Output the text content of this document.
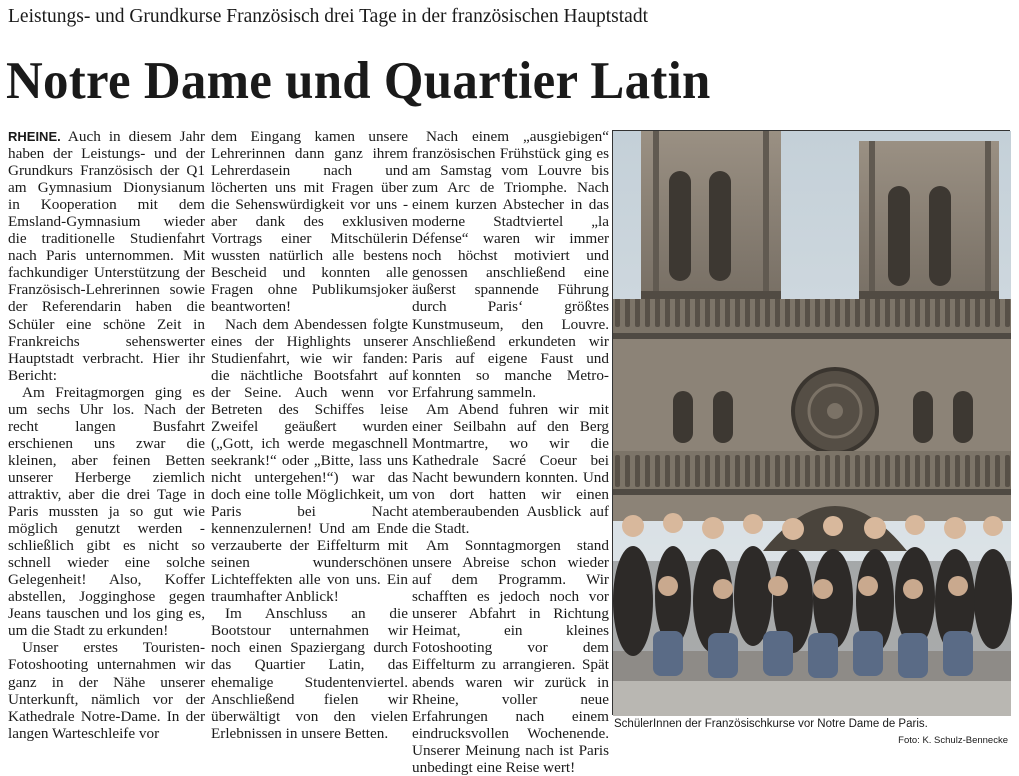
Leistungs- und Grundkurse Französisch drei Tage in der französischen Hauptstadt
Notre Dame und Quartier Latin

RHEINE. Auch in diesem Jahr haben der Leistungs- und der Grundkurs Französisch der Q1 am Gymnasium Dionysianum in Kooperation mit dem Emsland-Gymnasium wieder die traditionelle Studienfahrt nach Paris unternommen. Mit fachkundiger Unterstützung der Französisch-Lehrerinnen sowie der Referendarin haben die Schüler eine schöne Zeit in Frankreichs sehenswerter Hauptstadt verbracht. Hier ihr Bericht:

Am Freitagmorgen ging es um sechs Uhr los. Nach der recht langen Busfahrt erschienen uns zwar die kleinen, aber feinen Betten unserer Herberge ziemlich attraktiv, aber die drei Tage in Paris mussten ja so gut wie möglich genutzt werden - schließlich gibt es nicht so schnell wieder eine solche Gelegenheit! Also, Koffer abstellen, Jogginghose gegen Jeans tauschen und los ging es, um die Stadt zu erkunden!

Unser erstes Touristen-Fotoshooting unternahmen wir ganz in der Nähe unserer Unterkunft, nämlich vor der Kathedrale Notre-Dame. In der langen Warteschleife vor

dem Eingang kamen unsere Lehrerinnen dann ganz ihrem Lehrerdasein nach und löcherten uns mit Fragen über die Sehenswürdigkeit vor uns - aber dank des exklusiven Vortrags einer Mitschülerin wussten natürlich alle bestens Bescheid und konnten alle Fragen ohne Publikumsjoker beantworten!

Nach dem Abendessen folgte eines der Highlights unserer Studienfahrt, wie wir fanden: die nächtliche Bootsfahrt auf der Seine. Auch wenn vor Betreten des Schiffes leise Zweifel geäußert wurden („Gott, ich werde megaschnell seekrank!“ oder „Bitte, lass uns nicht untergehen!“) war das doch eine tolle Möglichkeit, um Paris bei Nacht kennenzulernen! Und am Ende verzauberte der Eiffelturm mit seinen wunderschönen Lichteffekten alle von uns. Ein traumhafter Anblick!

Im Anschluss an die Bootstour unternahmen wir noch einen Spaziergang durch das Quartier Latin, das ehemalige Studentenviertel. Anschließend fielen wir überwältigt von den vielen Erlebnissen in unsere Betten.

Nach einem „ausgiebigen“ französischen Frühstück ging es am Samstag vom Louvre bis zum Arc de Triomphe. Nach einem kurzen Abstecher in das moderne Stadtviertel „la Défense“ waren wir immer noch höchst motiviert und genossen anschließend eine äußerst spannende Führung durch Paris‘ größtes Kunstmuseum, den Louvre. Anschließend erkundeten wir Paris auf eigene Faust und konnten so manche Metro-Erfahrung sammeln.

Am Abend fuhren wir mit einer Seilbahn auf den Berg Montmartre, wo wir die Kathedrale Sacré Coeur bei Nacht bewundern konnten. Und von dort hatten wir einen atemberaubenden Ausblick auf die Stadt.

Am Sonntagmorgen stand unsere Abreise schon wieder auf dem Programm. Wir schafften es jedoch noch vor unserer Abfahrt in Richtung Heimat, ein kleines Fotoshooting vor dem Eiffelturm zu arrangieren. Spät abends waren wir zurück in Rheine, voller neue Erfahrungen nach einem eindrucksvollen Wochenende. Unserer Meinung nach ist Paris unbedingt eine Reise wert!

SchülerInnen der Französischkurse vor Notre Dame de Paris.
Foto: K. Schulz-Bennecke
